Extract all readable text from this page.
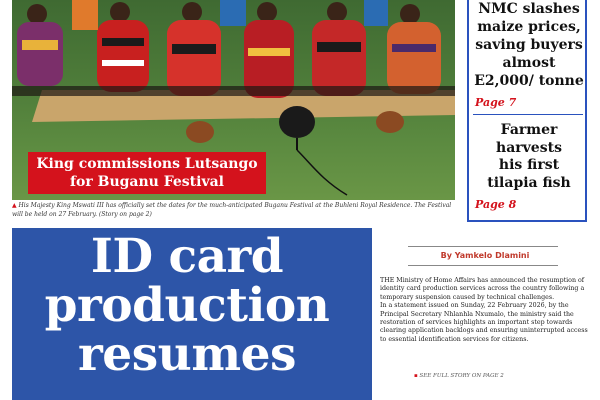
King commissions Lutsango
for Buganu Festival
▲ His Majesty King Mswati III has officially set the dates for the much-anticipated Buganu Festival at the Buhleni Royal Residence. The Festival will be held on 27 February. (Story on page 2)
NMC slashes
maize prices,
saving buyers
almost
E2,000/ tonne
Page 7
Farmer
harvests
his first
tilapia fish
Page 8
ID card
production
resumes
By Yamkelo Dlamini

THE Ministry of Home Affairs has announced the resumption of identity card production services across the country following a temporary suspension caused by technical challenges.

In a statement issued on Sunday, 22 February 2026, by the Principal Secretary Nhlanhla Nxumalo, the ministry said the restoration of services highlights an important step towards clearing application backlogs and ensuring uninterrupted access to essential identification services for citizens.

▪ SEE FULL STORY ON PAGE 2
